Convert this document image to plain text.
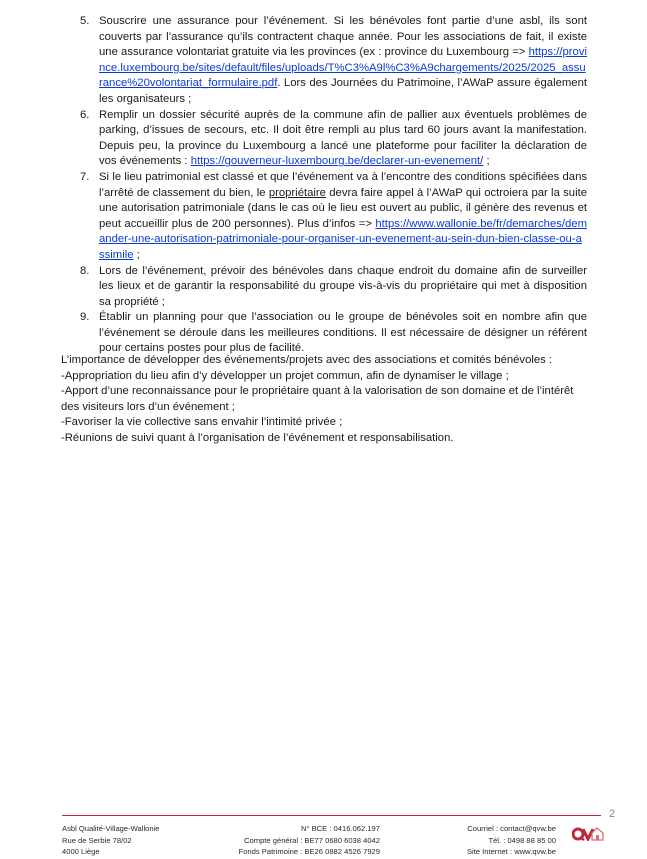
5. Souscrire une assurance pour l’événement. Si les bénévoles font partie d’une asbl, ils sont couverts par l’assurance qu’ils contractent chaque année. Pour les associations de fait, il existe une assurance volontariat gratuite via les provinces (ex : province du Luxembourg => https://province.luxembourg.be/sites/default/files/uploads/T%C3%A9l%C3%A9chargements/2025/2025_assurance%20volontariat_formulaire.pdf. Lors des Journées du Patrimoine, l’AWaP assure également les organisateurs ;
6. Remplir un dossier sécurité auprès de la commune afin de pallier aux éventuels problèmes de parking, d’issues de secours, etc. Il doit être rempli au plus tard 60 jours avant la manifestation. Depuis peu, la province du Luxembourg a lancé une plateforme pour faciliter la déclaration de vos événements : https://gouverneur-luxembourg.be/declarer-un-evenement/ ;
7. Si le lieu patrimonial est classé et que l’événement va à l’encontre des conditions spécifiées dans l’arrêté de classement du bien, le propriétaire devra faire appel à l’AWaP qui octroiera par la suite une autorisation patrimoniale (dans le cas où le lieu est ouvert au public, il génère des revenus et peut accueillir plus de 200 personnes). Plus d’infos => https://www.wallonie.be/fr/demarches/demander-une-autorisation-patrimoniale-pour-organiser-un-evenement-au-sein-dun-bien-classe-ou-assimile ;
8. Lors de l’événement, prévoir des bénévoles dans chaque endroit du domaine afin de surveiller les lieux et de garantir la responsabilité du groupe vis-à-vis du propriétaire qui met à disposition sa propriété ;
9. Établir un planning pour que l’association ou le groupe de bénévoles soit en nombre afin que l’événement se déroule dans les meilleures conditions. Il est nécessaire de désigner un référent pour certains postes pour plus de facilité.

L’importance de développer des événements/projets avec des associations et comités bénévoles :

-Appropriation du lieu afin d’y développer un projet commun, afin de dynamiser le village ;

-Apport d’une reconnaissance pour le propriétaire quant à la valorisation de son domaine et de l’intérêt des visiteurs lors d’un événement ;

-Favoriser la vie collective sans envahir l’intimité privée ;

-Réunions de suivi quant à l’organisation de l’événement et responsabilisation.

2
Asbl Qualité-Village-Wallonie
Rue de Serbie 78/02
4000 Liège
N° BCE : 0416.062.197
Compte général : BE77 0680 6038 4042
Fonds Patrimoine : BE26 0882 4526 7929
Courriel : contact@qvw.be
Tél. : 0498 88 85 00
Site Internet : www.qvw.be
